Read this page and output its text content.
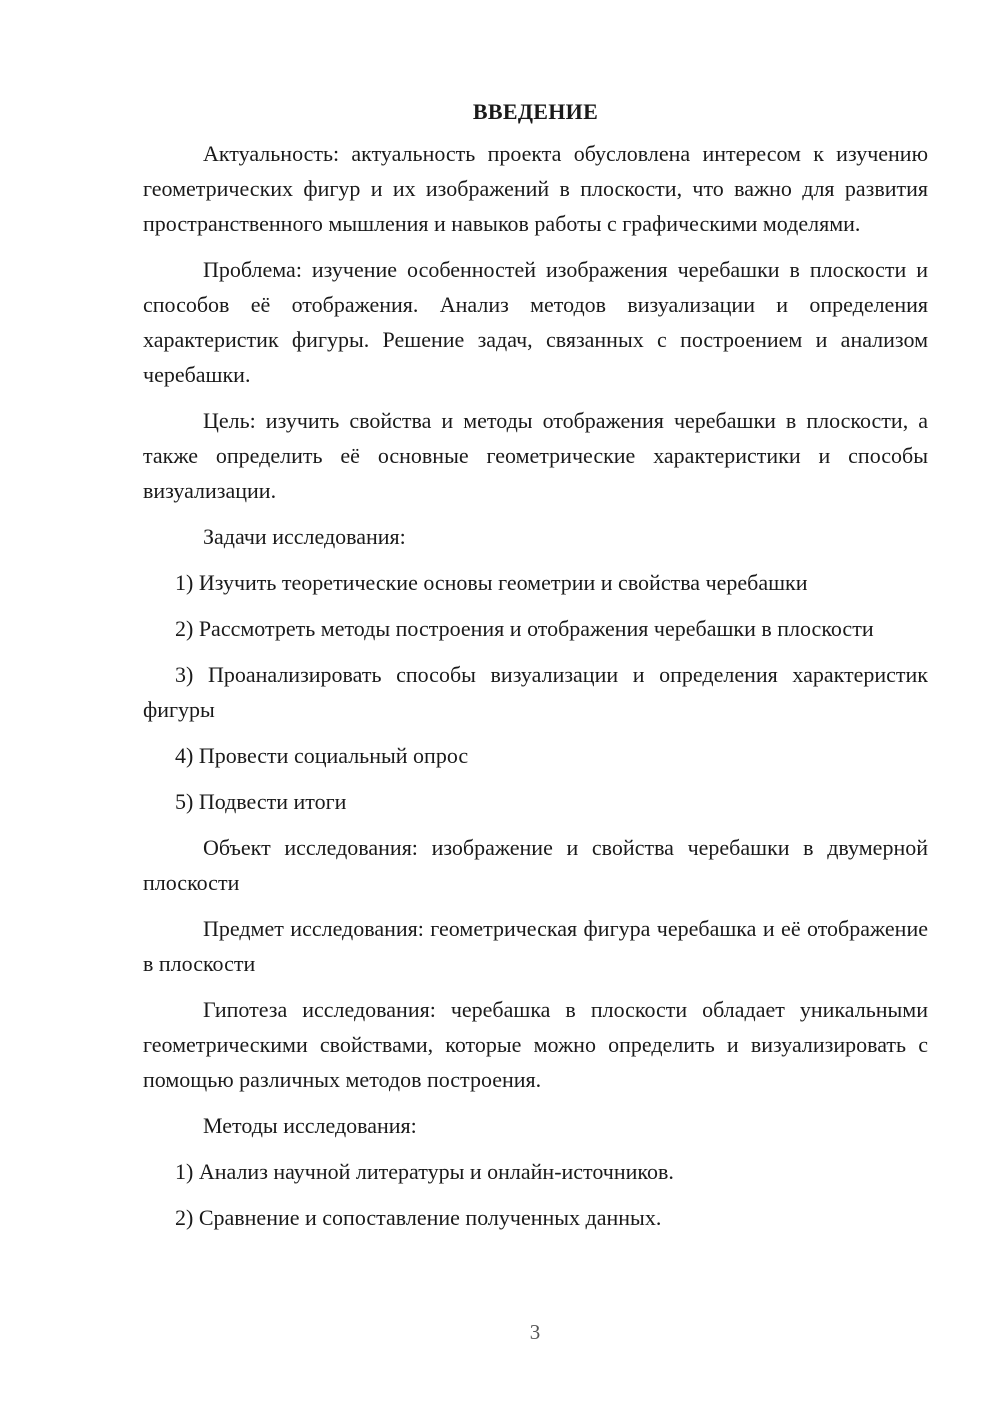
ВВЕДЕНИЕ

Актуальность: актуальность проекта обусловлена интересом к изучению геометрических фигур и их изображений в плоскости, что важно для развития пространственного мышления и навыков работы с графическими моделями.

Проблема: изучение особенностей изображения черебашки в плоскости и способов её отображения. Анализ методов визуализации и определения характеристик фигуры. Решение задач, связанных с построением и анализом черебашки.

Цель: изучить свойства и методы отображения черебашки в плоскости, а также определить её основные геометрические характеристики и способы визуализации.

Задачи исследования:

1) Изучить теоретические основы геометрии и свойства черебашки

2) Рассмотреть методы построения и отображения черебашки в плоскости

3) Проанализировать способы визуализации и определения характеристик фигуры

4) Провести социальный опрос

5) Подвести итоги

Объект исследования: изображение и свойства черебашки в двумерной плоскости

Предмет исследования: геометрическая фигура черебашка и её отображение в плоскости

Гипотеза исследования: черебашка в плоскости обладает уникальными геометрическими свойствами, которые можно определить и визуализировать с помощью различных методов построения.

Методы исследования:

1) Анализ научной литературы и онлайн-источников.

2) Сравнение и сопоставление полученных данных.

3
